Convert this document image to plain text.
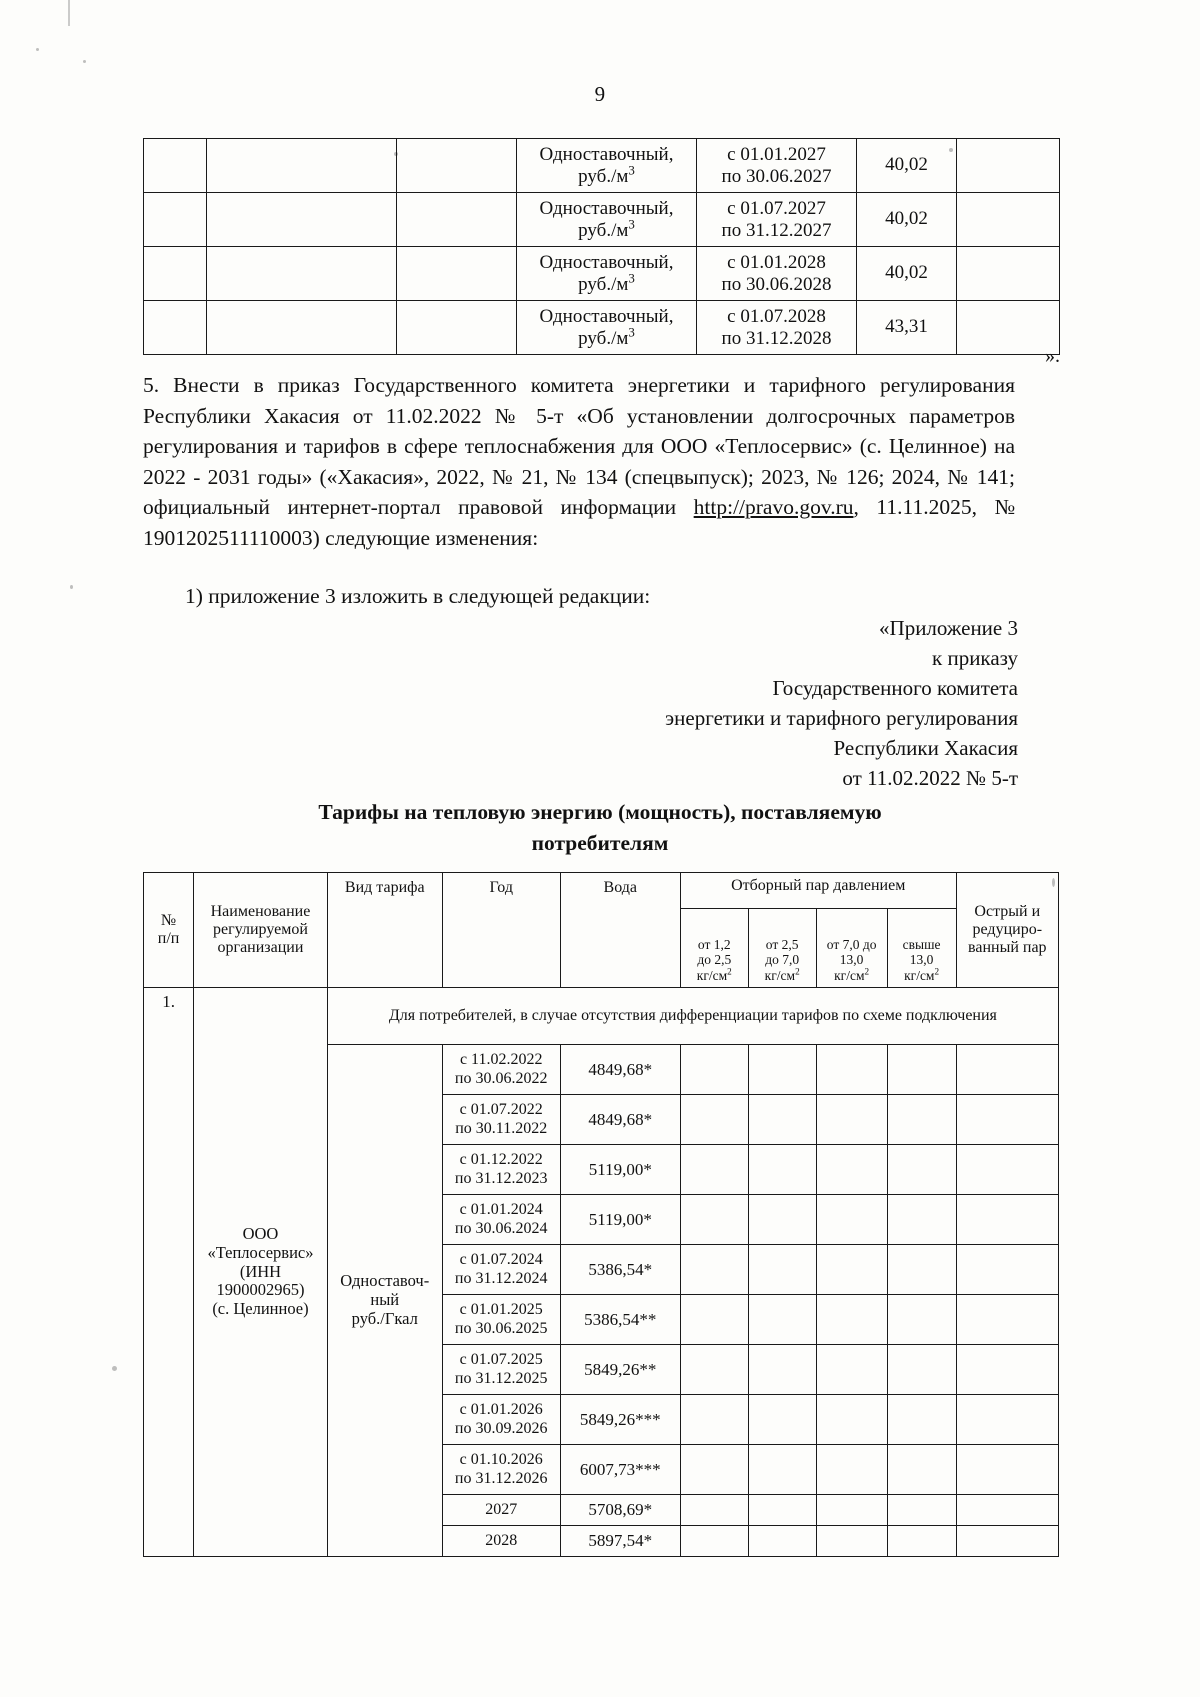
9

			Одноставочный,
$руб./м^3$	с 01.01.2027
по 30.06.2027	40,02	

			Одноставочный,
$руб./м^3$	с 01.07.2027
по 31.12.2027	40,02	

			Одноставочный,
$руб./м^3$	с 01.01.2028
по 30.06.2028	40,02	

			Одноставочный,
$руб./м^3$	с 01.07.2028
по 31.12.2028	43,31	
».
5. Внести в приказ Государственного комитета энергетики и тарифного регулирования Республики Хакасия от 11.02.2022 № 5-т «Об установлении долгосрочных параметров регулирования и тарифов в сфере теплоснабжения для ООО «Теплосервис» (с. Целинное) на 2022 - 2031 годы» («Хакасия», 2022, № 21, № 134 (спецвыпуск); 2023, № 126; 2024, № 141; официальный интернет-портал правовой информации http://pravo.gov.ru, 11.11.2025, № 1901202511110003) следующие изменения:
1) приложение 3 изложить в следующей редакции:
«Приложение 3
к приказу
Государственного комитета
энергетики и тарифного регулирования
Республики Хакасия
от 11.02.2022 № 5-т
Тарифы на тепловую энергию (мощность), поставляемую
потребителям
№
п/п	Наименование
регулируемой
организации	Вид тарифа	Год	Вода	Отборный пар давлением				Острый и
редуциро-
ванный пар

					от 1,2
до 2,5
$кг/см^2$	от 2,5
до 7,0
$кг/см^2$	от 7,0 до
13,0
$кг/см^2$	свыше
13,0
$кг/см^2$

1.	ООО
«Теплосервис»
(ИНН
1900002965)
(с. Целинное)	Для потребителей, в случае отсутствия дифференциации тарифов по схеме подключения							

		Одноставоч-
ный
руб./Гкал	с 11.02.2022
по 30.06.2022	4849,68*					

			с 01.07.2022
по 30.11.2022	4849,68*					

			с 01.12.2022
по 31.12.2023	5119,00*					

			с 01.01.2024
по 30.06.2024	5119,00*					

			с 01.07.2024
по 31.12.2024	5386,54*					

			с 01.01.2025
по 30.06.2025	5386,54**					

			с 01.07.2025
по 31.12.2025	5849,26**					

			с 01.01.2026
по 30.09.2026	5849,26***					

			с 01.10.2026
по 31.12.2026	6007,73***					
			2027	5708,69*					
			2028	5897,54*					
